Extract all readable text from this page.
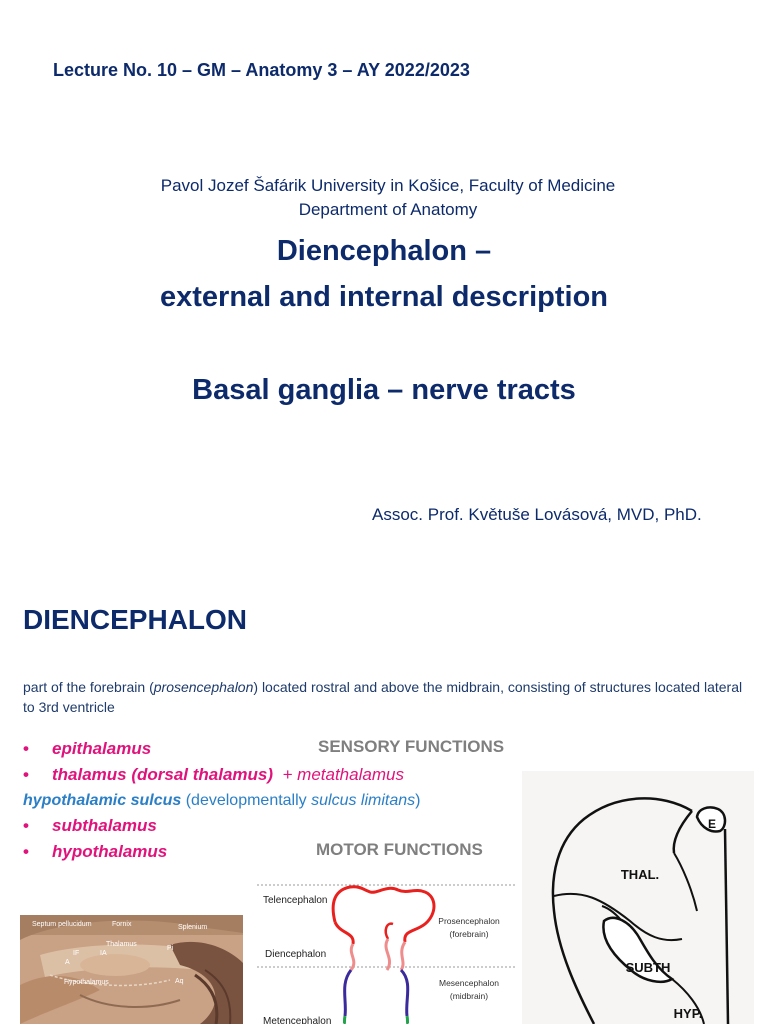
Lecture No. 10 – GM – Anatomy 3 – AY 2022/2023
Pavol Jozef Šafárik University in Košice, Faculty of Medicine
Department of Anatomy
Diencephalon –
external and internal description
Basal ganglia – nerve tracts
Assoc. Prof. Květuše Lovásová, MVD, PhD.
DIENCEPHALON
part of the forebrain (prosencephalon) located rostral and above the midbrain, consisting of structures located lateral to 3rd ventricle
• epithalamus
• thalamus (dorsal thalamus) + metathalamus
hypothalamic sulcus (developmentally sulcus limitans)
• subthalamus
• hypothalamus
SENSORY FUNCTIONS
MOTOR FUNCTIONS
Septum pellucidum	Fornix	Splenium
Thalamus
IA
IF
A
Pi
Hypothalamus	Aq
Telencephalon
Diencephalon
Metencephalon
Prosencephalon
(forebrain)
Mesencephalon
(midbrain)
E
THAL.
SUBTH
HYP.
